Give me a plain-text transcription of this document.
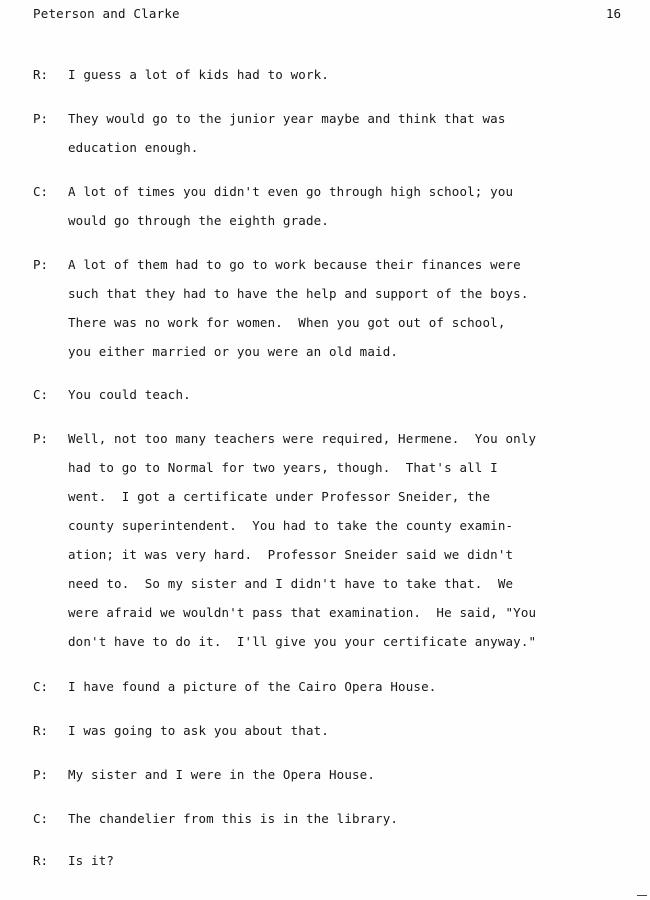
Peterson and Clarke	16
R:	I guess a lot of kids had to work.
P:	They would go to the junior year maybe and think that was
education enough.
C:	A lot of times you didn't even go through high school; you
would go through the eighth grade.
P:	A lot of them had to go to work because their finances were
such that they had to have the help and support of the boys.
There was no work for women.  When you got out of school,
you either married or you were an old maid.
C:	You could teach.
P:	Well, not too many teachers were required, Hermene.  You only
had to go to Normal for two years, though.  That's all I
went.  I got a certificate under Professor Sneider, the
county superintendent.  You had to take the county examin-
ation; it was very hard.  Professor Sneider said we didn't
need to.  So my sister and I didn't have to take that.  We
were afraid we wouldn't pass that examination.  He said, "You
don't have to do it.  I'll give you your certificate anyway."
C:	I have found a picture of the Cairo Opera House.
R:	I was going to ask you about that.
P:	My sister and I were in the Opera House.
C:	The chandelier from this is in the library.
R:	Is it?
